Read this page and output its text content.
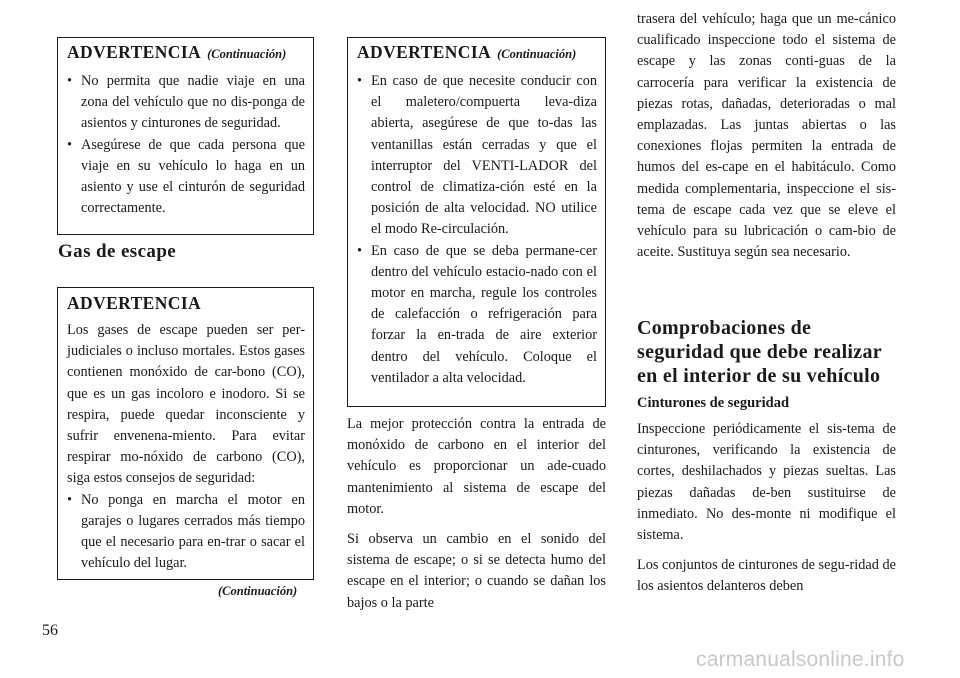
ADVERTENCIA (Continuación)
• No permita que nadie viaje en una zona del vehículo que no dis-ponga de asientos y cinturones de seguridad.
• Asegúrese de que cada persona que viaje en su vehículo lo haga en un asiento y use el cinturón de seguridad correctamente.
Gas de escape
ADVERTENCIA

Los gases de escape pueden ser per-judiciales o incluso mortales. Estos gases contienen monóxido de car-bono (CO), que es un gas incoloro e inodoro. Si se respira, puede quedar inconsciente y sufrir envenena-miento. Para evitar respirar mo-nóxido de carbono (CO), siga estos consejos de seguridad:

• No ponga en marcha el motor en garajes o lugares cerrados más tiempo que el necesario para en-trar o sacar el vehículo del lugar.
(Continuación)
ADVERTENCIA (Continuación)
• En caso de que necesite conducir con el maletero/compuerta leva-diza abierta, asegúrese de que to-das las ventanillas están cerradas y que el interruptor del VENTI-LADOR del control de climatiza-ción esté en la posición de alta velocidad. NO utilice el modo Re-circulación.
• En caso de que se deba permane-cer dentro del vehículo estacio-nado con el motor en marcha, regule los controles de calefacción o refrigeración para forzar la en-trada de aire exterior dentro del vehículo. Coloque el ventilador a alta velocidad.

La mejor protección contra la entrada de monóxido de carbono en el interior del vehículo es proporcionar un ade-cuado mantenimiento al sistema de escape del motor.

Si observa un cambio en el sonido del sistema de escape; o si se detecta humo del escape en el interior; o cuando se dañan los bajos o la parte

trasera del vehículo; haga que un me-cánico cualificado inspeccione todo el sistema de escape y las zonas conti-guas de la carrocería para verificar la existencia de piezas rotas, dañadas, deterioradas o mal emplazadas. Las juntas abiertas o las conexiones flojas permiten la entrada de humos del es-cape en el habitáculo. Como medida complementaria, inspeccione el sis-tema de escape cada vez que se eleve el vehículo para su lubricación o cam-bio de aceite. Sustituya según sea necesario.

Comprobaciones de seguridad que debe realizar en el interior de su vehículo
Cinturones de seguridad

Inspeccione periódicamente el sis-tema de cinturones, verificando la existencia de cortes, deshilachados y piezas sueltas. Las piezas dañadas de-ben sustituirse de inmediato. No des-monte ni modifique el sistema.

Los conjuntos de cinturones de segu-ridad de los asientos delanteros deben

56
carmanualsonline.info
